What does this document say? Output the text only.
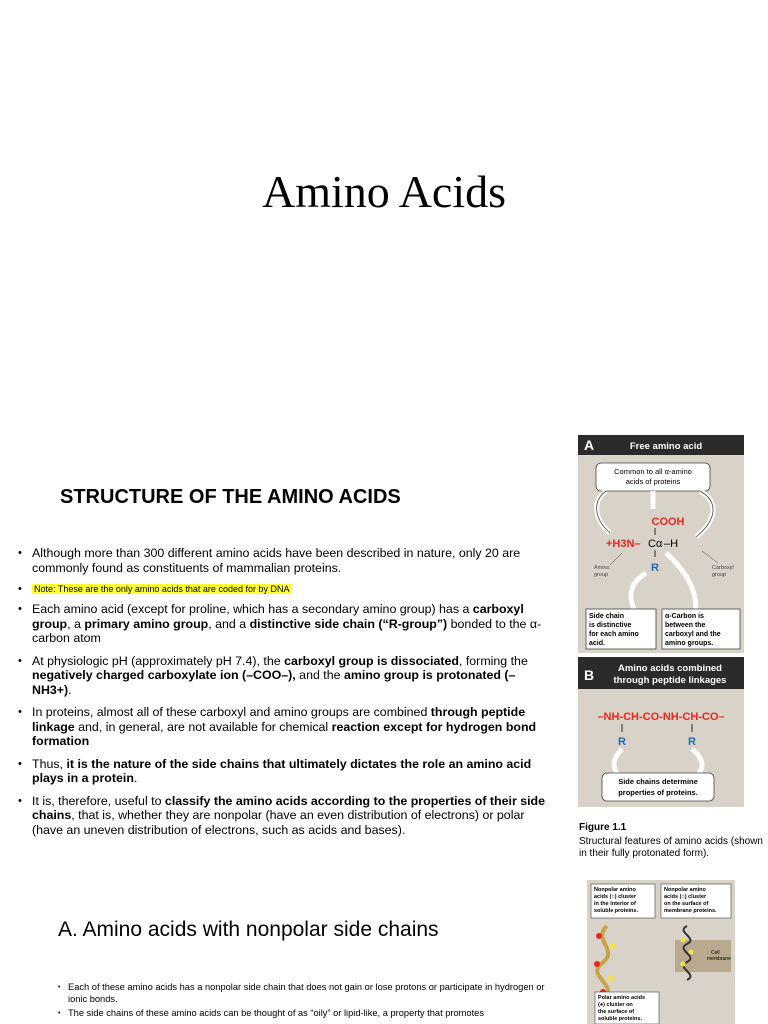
Amino Acids
STRUCTURE OF THE AMINO ACIDS
• Although more than 300 different amino acids have been described in nature, only 20 are commonly found as constituents of mammalian proteins.
• Note: These are the only amino acids that are coded for by DNA
• Each amino acid (except for proline, which has a secondary amino group) has a carboxyl group, a primary amino group, and a distinctive side chain (“R-group”) bonded to the α-carbon atom
• At physiologic pH (approximately pH 7.4), the carboxyl group is dissociated, forming the negatively charged carboxylate ion (–COO–), and the amino group is protonated (– NH3+).
• In proteins, almost all of these carboxyl and amino groups are combined through peptide linkage and, in general, are not available for chemical reaction except for hydrogen bond formation
• Thus, it is the nature of the side chains that ultimately dictates the role an amino acid plays in a protein.
• It is, therefore, useful to classify the amino acids according to the properties of their side chains, that is, whether they are nonpolar (have an even distribution of electrons) or polar (have an uneven distribution of electrons, such as acids and bases).
A. Amino acids with nonpolar side chains
• Each of these amino acids has a nonpolar side chain that does not gain or lose protons or participate in hydrogen or ionic bonds.
• The side chains of these amino acids can be thought of as “oily” or lipid-like, a property that promotes
A	Free amino acid
Common to all α-amino
acids of proteins
COOH
+H3N– Cα –H
R
Amino
group
Carboxyl
group
Side chain
is distinctive
for each amino
acid.
α-Carbon is
between the
carboxyl and the
amino groups.
B	Amino acids combined
through peptide linkages
–NH-CH-CO-NH-CH-CO–
R	R
Side chains determine
properties of proteins.
Figure 1.1
Structural features of amino acids (shown in their fully protonated form).
Nonpolar amino
acids (○) cluster
in the interior of
soluble proteins.
Nonpolar amino
acids (○) cluster
on the surface of
membrane proteins.
Cell
membrane
Polar amino acids
(●) cluster on
the surface of
soluble proteins.
